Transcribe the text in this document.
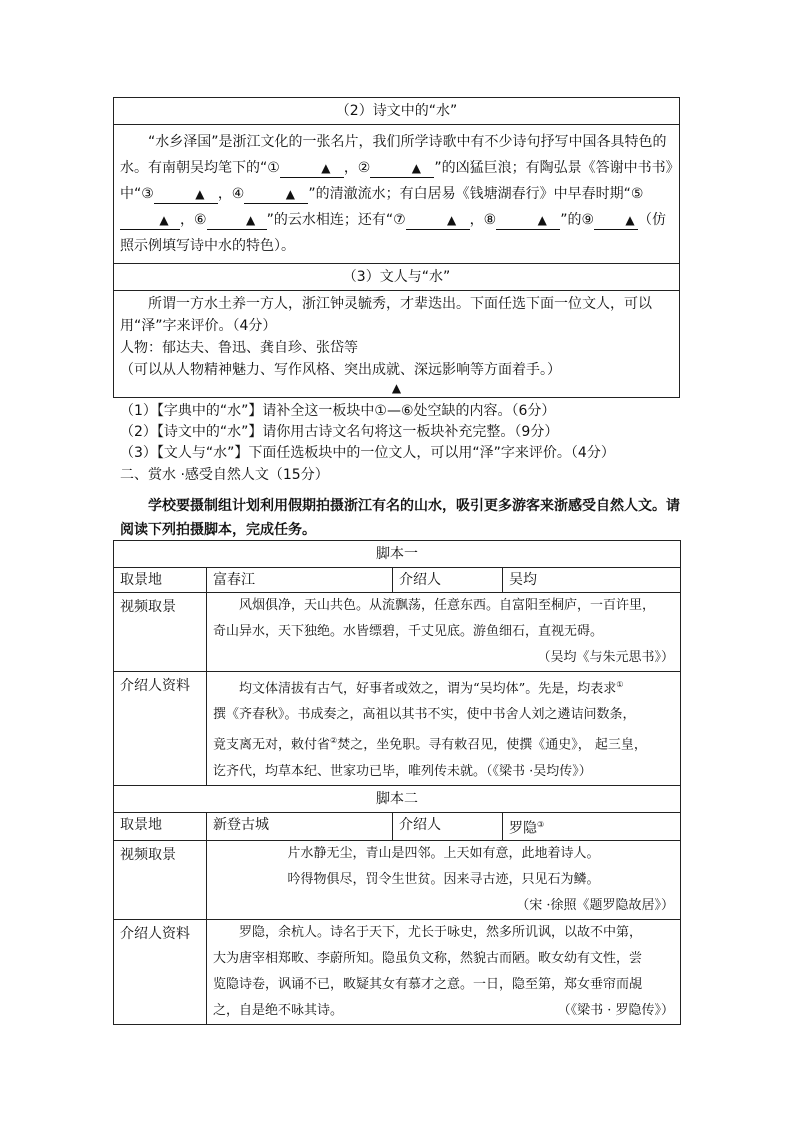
（2）诗文中的“水”

“水乡泽国”是浙江文化的一张名片，我们所学诗歌中有不少诗句抒写中国各具特色的水。有南朝吴均笔下的“①	▲ ，②	▲ ”的凶猛巨浪；有陶弘景《答谢中书书》中“③	▲ ，④	▲ ”的清澈流水；有白居易《钱塘湖春行》中早春时期“⑤▲ ，⑥	▲ ”的云水相连；还有“⑦	▲ ，⑧	▲ ”的⑨	▲ （仿照示例填写诗中水的特色）。

（3）文人与“水”

所谓一方水土养一方人，浙江钟灵毓秀，才辈迭出。下面任选下面一位文人，可以用“泽”字来评价。（4分）

人物：郁达夫、鲁迅、龚自珍、张岱等

（可以从人物精神魅力、写作风格、突出成就、深远影响等方面着手。）

▲

（1）【字典中的“水”】请补全这一板块中①—⑥处空缺的内容。（6分）

（2）【诗文中的“水”】请你用古诗文名句将这一板块补充完整。（9分）

（3）【文人与“水”】下面任选板块中的一位文人，可以用“泽”字来评价。（4分）

二、赏水 ·感受自然人文（15分）

学校要摄制组计划利用假期拍摄浙江有名的山水，吸引更多游客来浙感受自然人文。请阅读下列拍摄脚本，完成任务。

脚本一			
取景地	富春江	介绍人	吴均
视频取景	风烟俱净，天山共色。从流飘荡，任意东西。自富阳至桐庐，一百许里，

奇山异水，天下独绝。水皆缥碧，千丈见底。游鱼细石，直视无碍。

（吴均《与朱元思书》）		

介绍人资料	均文体清拔有古气，好事者或效之，谓为“吴均体”。先是，均表求①

撰《齐春秋》。书成奏之，高祖以其书不实，使中书舍人刘之遴诘问数条，

竟支离无对，敕付省②焚之，坐免职。寻有敕召见，使撰《通史》， 起三皇，

讫齐代，均草本纪、世家功已毕，唯列传未就。（《梁书 ·吴均传》）		

脚本二			
取景地	新登古城	介绍人	罗隐③
视频取景	片水静无尘，青山是四邻。上天如有意，此地着诗人。

吟得物俱尽，罚令生世贫。因来寻古迹，只见石为鳞。

（宋 ·徐照《题罗隐故居》）		

介绍人资料	罗隐，余杭人。诗名于天下，尤长于咏史，然多所讥讽，以故不中第，

大为唐宰相郑畋、李蔚所知。隐虽负文称，然貌古而陋。畋女幼有文性，尝

览隐诗卷，讽诵不已，畋疑其女有慕才之意。一日，隐至第，郑女垂帘而覘

之，自是绝不咏其诗。 （《梁书 · 罗隐传》）		
